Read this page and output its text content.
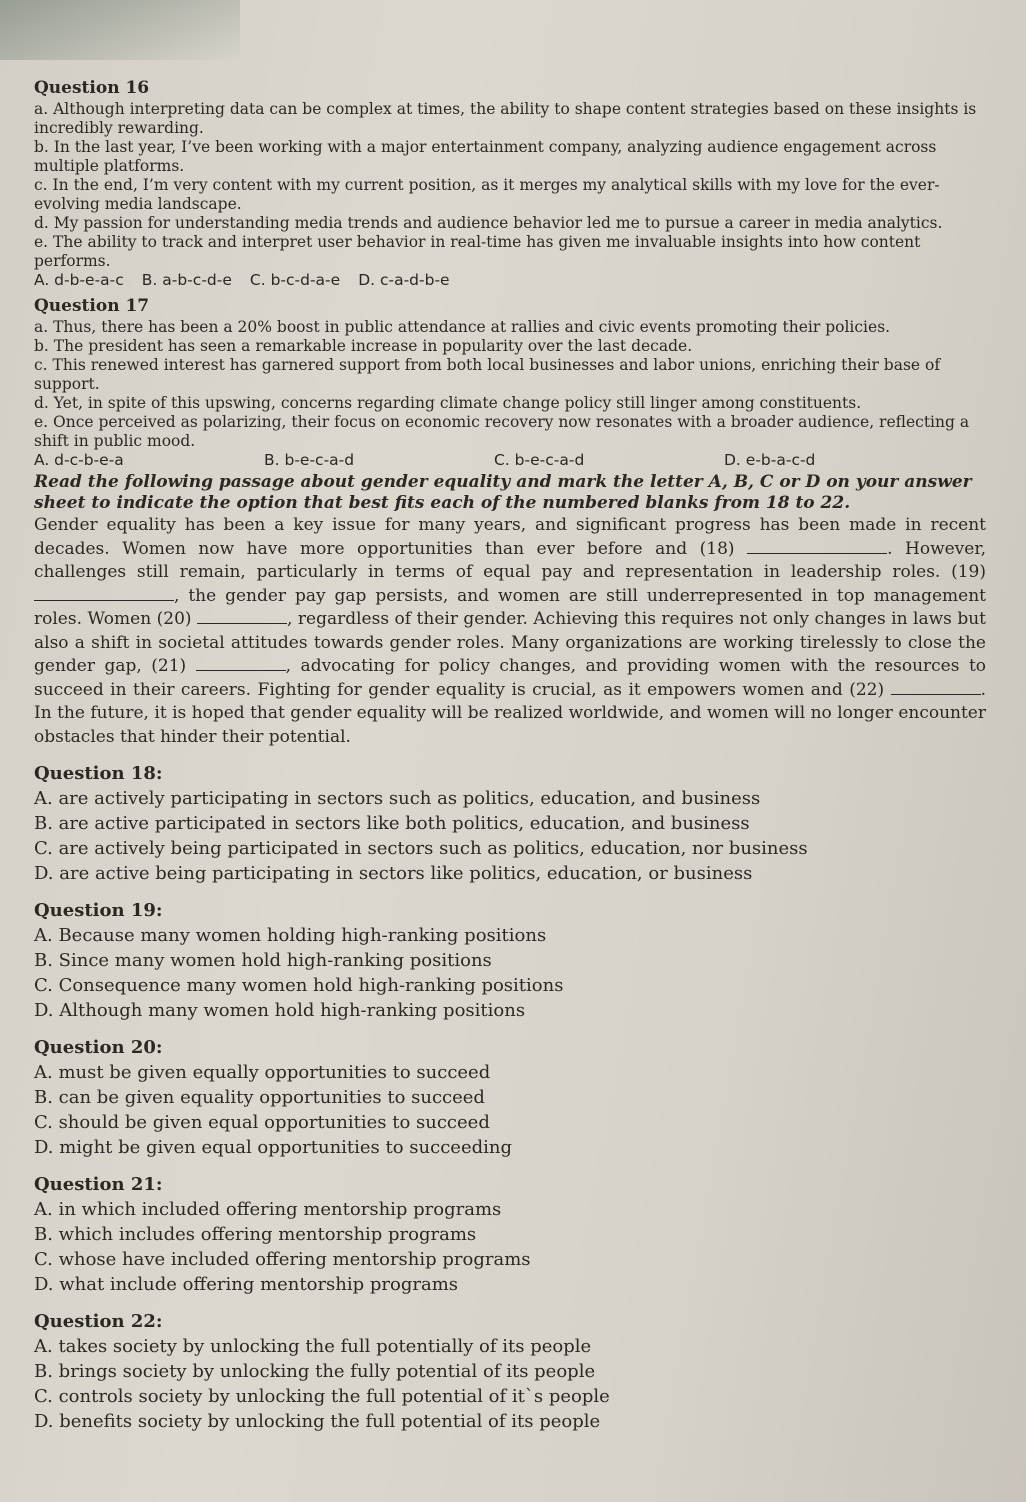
Question 16

a. Although interpreting data can be complex at times, the ability to shape content strategies based on these insights is incredibly rewarding.

b. In the last year, I’ve been working with a major entertainment company, analyzing audience engagement across multiple platforms.

c. In the end, I’m very content with my current position, as it merges my analytical skills with my love for the ever-evolving media landscape.

d. My passion for understanding media trends and audience behavior led me to pursue a career in media analytics.

e. The ability to track and interpret user behavior in real-time has given me invaluable insights into how content performs.

A. d-b-e-a-c B. a-b-c-d-e C. b-c-d-a-e D. c-a-d-b-e
Question 17

a. Thus, there has been a 20% boost in public attendance at rallies and civic events promoting their policies.

b. The president has seen a remarkable increase in popularity over the last decade.

c. This renewed interest has garnered support from both local businesses and labor unions, enriching their base of support.

d. Yet, in spite of this upswing, concerns regarding climate change policy still linger among constituents.

e. Once perceived as polarizing, their focus on economic recovery now resonates with a broader audience, reflecting a shift in public mood.

A. d-c-b-e-a	B. b-e-c-a-d	C. b-e-c-a-d	D. e-b-a-c-d
Read the following passage about gender equality and mark the letter A, B, C or D on your answer sheet to indicate the option that best fits each of the numbered blanks from 18 to 22.

Gender equality has been a key issue for many years, and significant progress has been made in recent decades. Women now have more opportunities than ever before and (18)	. However, challenges still remain, particularly in terms of equal pay and representation in leadership roles. (19) , the gender pay gap persists, and women are still underrepresented in top management roles. Women (20)	, regardless of their gender. Achieving this requires not only changes in laws but also a shift in societal attitudes towards gender roles. Many organizations are working tirelessly to close the gender gap, (21)	, advocating for policy changes, and providing women with the resources to succeed in their careers. Fighting for gender equality is crucial, as it empowers women and (22)	. In the future, it is hoped that gender equality will be realized worldwide, and women will no longer encounter obstacles that hinder their potential.

Question 18:

A. are actively participating in sectors such as politics, education, and business

B. are active participated in sectors like both politics, education, and business

C. are actively being participated in sectors such as politics, education, nor business

D. are active being participating in sectors like politics, education, or business

Question 19:

A. Because many women holding high-ranking positions

B. Since many women hold high-ranking positions

C. Consequence many women hold high-ranking positions

D. Although many women hold high-ranking positions

Question 20:

A. must be given equally opportunities to succeed

B. can be given equality opportunities to succeed

C. should be given equal opportunities to succeed

D. might be given equal opportunities to succeeding

Question 21:

A. in which included offering mentorship programs

B. which includes offering mentorship programs

C. whose have included offering mentorship programs

D. what include offering mentorship programs

Question 22:

A. takes society by unlocking the full potentially of its people

B. brings society by unlocking the fully potential of its people

C. controls society by unlocking the full potential of it`s people

D. benefits society by unlocking the full potential of its people
